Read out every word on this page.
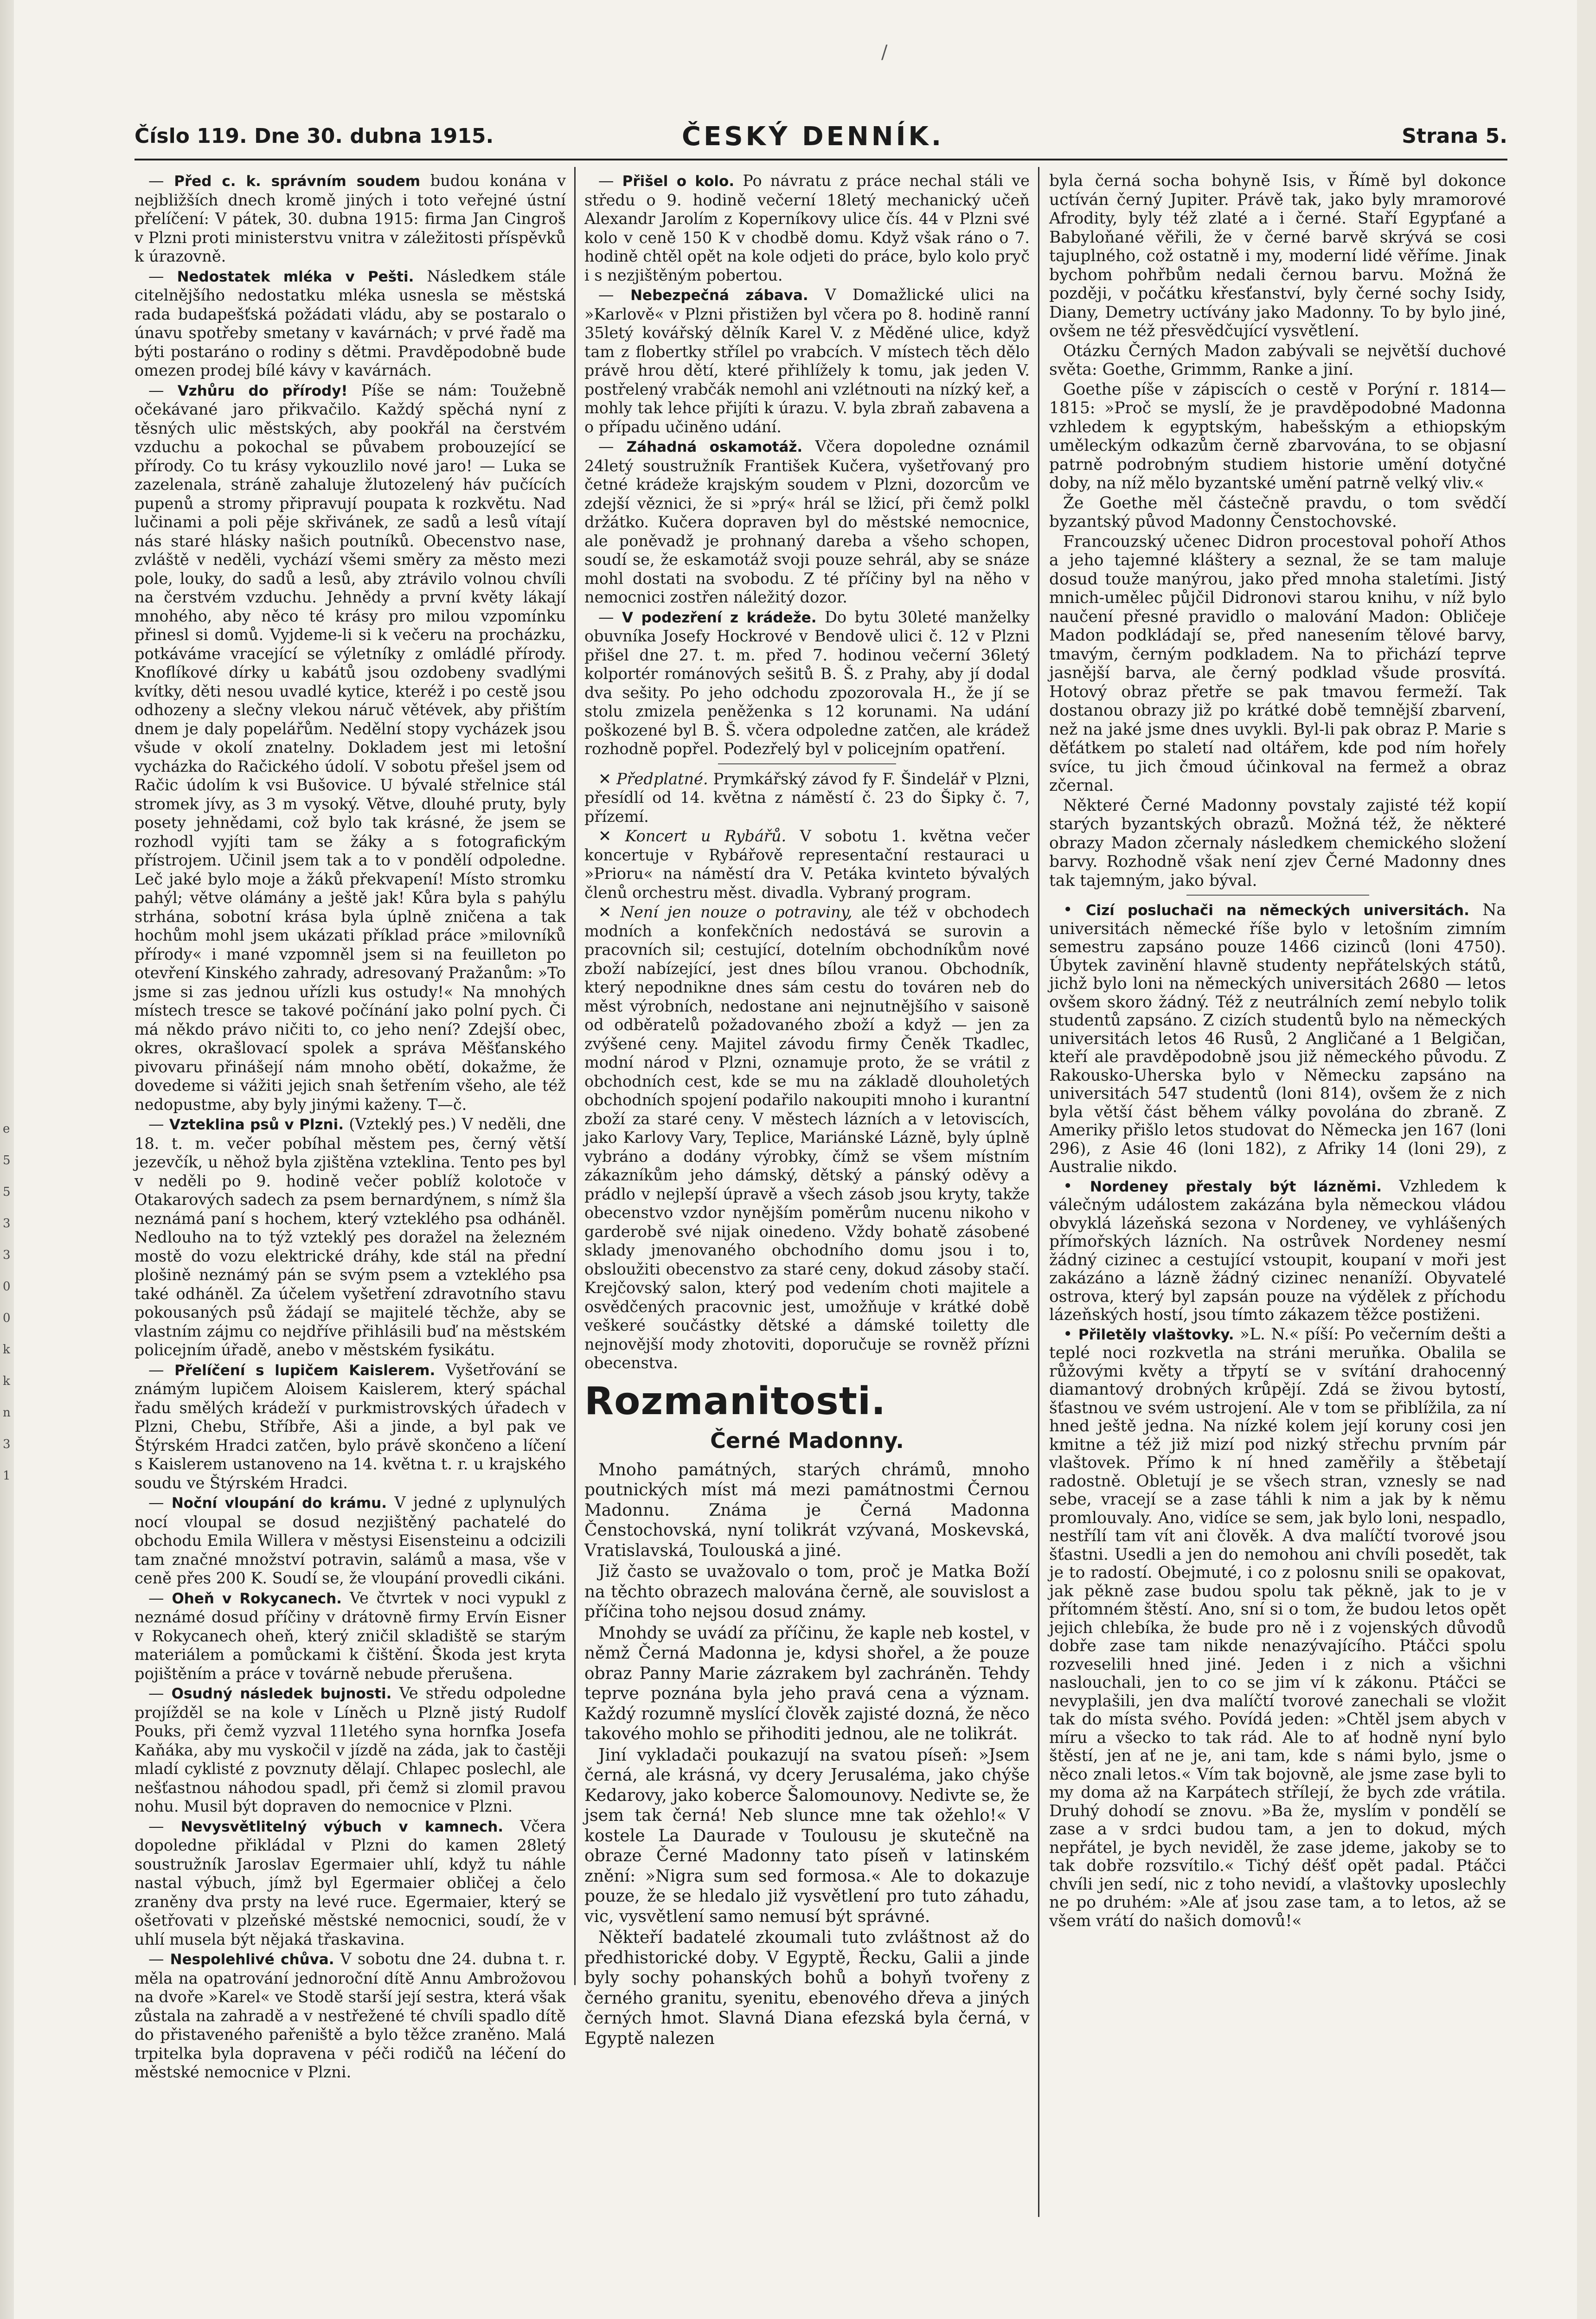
/
Číslo 119. Dne 30. dubna 1915.	ČESKÝ DENNÍK.	Strana 5.

— Před c. k. správním soudem budou konána v nejbližších dnech kromě jiných i toto veřejné ústní přelíčení: V pátek, 30. dubna 1915: firma Jan Cingroš v Plzni proti ministerstvu vnitra v záležitosti příspěvků k úrazovně.

— Nedostatek mléka v Pešti. Následkem stále citelnějšího nedostatku mléka usnesla se městská rada budapešťská požádati vládu, aby se postaralo o únavu spotřeby smetany v kavárnách; v prvé řadě ma býti postaráno o rodiny s dětmi. Pravděpodobně bude omezen prodej bílé kávy v kavárnách.

— Vzhůru do přírody! Píše se nám: Toužebně očekávané jaro přikvačilo. Každý spěchá nyní z těsných ulic městských, aby pookřál na čerstvém vzduchu a pokochal se půvabem probouzející se přírody. Co tu krásy vykouzlilo nové jaro! — Luka se zazelenala, stráně zahaluje žlutozelený háv pučících pupenů a stromy připravují poupata k rozkvětu. Nad lučinami a poli pěje skřivánek, ze sadů a lesů vítají nás staré hlásky našich poutníků. Obecenstvo nase, zvláště v neděli, vychází všemi směry za město mezi pole, louky, do sadů a lesů, aby ztrávilo volnou chvíli na čerstvém vzduchu. Jehnědy a první květy lákají mnohého, aby něco té krásy pro milou vzpomínku přinesl si domů. Vyjdeme-li si k večeru na procházku, potkáváme vracející se výletníky z omládlé přírody. Knoflíkové dírky u kabátů jsou ozdobeny svadlými kvítky, děti nesou uvadlé kytice, kteréž i po cestě jsou odhozeny a slečny vlekou náruč větévek, aby přištím dnem je daly popelářům. Nedělní stopy vycházek jsou všude v okolí znatelny. Dokladem jest mi letošní vycházka do Račického údolí. V sobotu přešel jsem od Račic údolím k vsi Bušovice. U bývalé střelnice stál stromek jívy, as 3 m vysoký. Větve, dlouhé pruty, byly posety jehnědami, což bylo tak krásné, že jsem se rozhodl vyjíti tam se žáky a s fotografickým přístrojem. Učinil jsem tak a to v pondělí odpoledne. Leč jaké bylo moje a žáků překvapení! Místo stromku pahýl; větve olámány a ještě jak! Kůra byla s pahýlu strhána, sobotní krása byla úplně zničena a tak hochům mohl jsem ukázati příklad práce »milovníků přírody« i mané vzpomněl jsem si na feuilleton po otevření Kinského zahrady, adresovaný Pražanům: »To jsme si zas jednou uřízli kus ostudy!« Na mnohých místech tresce se takové počínání jako polní pych. Či má někdo právo ničiti to, co jeho není? Zdejší obec, okres, okrašlovací spolek a správa Měšťanského pivovaru přinášejí nám mnoho obětí, dokažme, že dovedeme si vážiti jejich snah šetřením všeho, ale též nedopustme, aby byly jinými kaženy. T—č.

— Vzteklina psů v Plzni. (Vzteklý pes.) V neděli, dne 18. t. m. večer pobíhal městem pes, černý větší jezevčík, u něhož byla zjištěna vzteklina. Tento pes byl v neděli po 9. hodině večer poblíž kolotoče v Otakarových sadech za psem bernardýnem, s nímž šla neznámá paní s hochem, který vzteklého psa odháněl. Nedlouho na to týž vzteklý pes doražel na železném mostě do vozu elektrické dráhy, kde stál na přední plošině neznámý pán se svým psem a vzteklého psa také odháněl. Za účelem vyšetření zdravotního stavu pokousaných psů žádají se majitelé těchže, aby se vlastním zájmu co nejdříve přihlásili buď na městském policejním úřadě, anebo v městském fysikátu.

— Přelíčení s lupičem Kaislerem. Vyšetřování se známým lupičem Aloisem Kaislerem, který spáchal řadu smělých krádeží v purkmistrovských úřadech v Plzni, Chebu, Stříbře, Aši a jinde, a byl pak ve Štýrském Hradci zatčen, bylo právě skončeno a líčení s Kaislerem ustanoveno na 14. května t. r. u krajského soudu ve Štýrském Hradci.

— Noční vloupání do krámu. V jedné z uplynulých nocí vloupal se dosud nezjištěný pachatelé do obchodu Emila Willera v městysi Eisensteinu a odcizili tam značné množství potravin, salámů a masa, vše v ceně přes 200 K. Soudí se, že vloupání provedli cikáni.

— Oheň v Rokycanech. Ve čtvrtek v noci vypukl z neznámé dosud příčiny v drátovně firmy Ervín Eisner v Rokycanech oheň, který zničil skladiště se starým materiálem a pomůckami k čištění. Škoda jest kryta pojištěním a práce v továrně nebude přerušena.

— Osudný následek bujnosti. Ve středu odpoledne projížděl se na kole v Líněch u Plzně jistý Rudolf Pouks, při čemž vyzval 11letého syna hornfka Josefa Kaňáka, aby mu vyskočil v jízdě na záda, jak to častěji mladí cyklisté z povznuty dělají. Chlapec poslechl, ale nešťastnou náhodou spadl, při čemž si zlomil pravou nohu. Musil být dopraven do nemocnice v Plzni.

— Nevysvětlitelný výbuch v kamnech. Včera dopoledne přikládal v Plzni do kamen 28letý soustružník Jaroslav Egermaier uhlí, když tu náhle nastal výbuch, jímž byl Egermaier obličej a čelo zraněny dva prsty na levé ruce. Egermaier, který se ošetřovati v plzeňské městské nemocnici, soudí, že v uhlí musela být nějaká třaskavina.

— Nespolehlivé chůva. V sobotu dne 24. dubna t. r. měla na opatrování jednoroční dítě Annu Ambrožovou na dvoře »Karel« ve Stodě starší její sestra, která však zůstala na zahradě a v nestřežené té chvíli spadlo dítě do přistaveného pařeniště a bylo těžce zraněno. Malá trpitelka byla dopravena v péči rodičů na léčení do městské nemocnice v Plzni.

— Přišel o kolo. Po návratu z práce nechal stáli ve středu o 9. hodině večerní 18letý mechanický učeň Alexandr Jarolím z Koperníkovy ulice čís. 44 v Plzni své kolo v ceně 150 K v chodbě domu. Když však ráno o 7. hodině chtěl opět na kole odjeti do práce, bylo kolo pryč i s nezjištěným pobertou.

— Nebezpečná zábava. V Domažlické ulici na »Karlově« v Plzni přistižen byl včera po 8. hodině ranní 35letý kovářský dělník Karel V. z Měděné ulice, když tam z flobertky střílel po vrabcích. V místech těch dělo právě hrou dětí, které přihlížely k tomu, jak jeden V. postřelený vrabčák nemohl ani vzlétnouti na nízký keř, a mohly tak lehce přijíti k úrazu. V. byla zbraň zabavena a o případu učiněno udání.

— Záhadná oskamotáž. Včera dopoledne oznámil 24letý soustružník František Kučera, vyšetřovaný pro četné krádeže krajským soudem v Plzni, dozorcům ve zdejší věznici, že si »prý« hrál se lžicí, při čemž polkl držátko. Kučera dopraven byl do městské nemocnice, ale poněvadž je prohnaný dareba a všeho schopen, soudí se, že eskamotáž svoji pouze sehrál, aby se snáze mohl dostati na svobodu. Z té příčiny byl na něho v nemocnici zostřen náležitý dozor.

— V podezření z krádeže. Do bytu 30leté manželky obuvníka Josefy Hockrové v Bendově ulici č. 12 v Plzni přišel dne 27. t. m. před 7. hodinou večerní 36letý kolportér románových sešitů B. Š. z Prahy, aby jí dodal dva sešity. Po jeho odchodu zpozorovala H., že jí se stolu zmizela peněženka s 12 korunami. Na udání poškozené byl B. Š. včera odpoledne zatčen, ale krádež rozhodně popřel. Podezřelý byl v policejním opatření.

✕ Předplatné. Prymkářský závod fy F. Šindelář v Plzni, přesídlí od 14. května z náměstí č. 23 do Šipky č. 7, přízemí.

✕ Koncert u Rybářů. V sobotu 1. května večer koncertuje v Rybářově representační restauraci u »Prioru« na náměstí dra V. Petáka kvinteto bývalých členů orchestru měst. divadla. Vybraný program.

✕ Není jen nouze o potraviny, ale též v obchodech modních a konfekčních nedostává se surovin a pracovních sil; cestující, dotelním obchodníkům nové zboží nabízející, jest dnes bílou vranou. Obchodník, který nepodnikne dnes sám cestu do továren neb do měst výrobních, nedostane ani nejnutnějšího v saisoně od odběratelů požadovaného zboží a když — jen za zvýšené ceny. Majitel závodu firmy Čeněk Tkadlec, modní národ v Plzni, oznamuje proto, že se vrátil z obchodních cest, kde se mu na základě dlouholetých obchodních spojení podařilo nakoupiti mnoho i kurantní zboží za staré ceny. V městech lázních a v letoviscích, jako Karlovy Vary, Teplice, Mariánské Lázně, byly úplně vybráno a dodány výrobky, čímž se všem místním zákazníkům jeho dámský, dětský a pánský oděvy a prádlo v nejlepší úpravě a všech zásob jsou kryty, takže obecenstvo vzdor nynějším poměrům nucenu nikoho v garderobě své nijak oinedeno. Vždy bohatě zásobené sklady jmenovaného obchodního domu jsou i to, obsloužiti obecenstvo za staré ceny, dokud zásoby stačí. Krejčovský salon, který pod vedením choti majitele a osvědčených pracovnic jest, umožňuje v krátké době veškeré součástky dětské a dámské toiletty dle nejnovější mody zhotoviti, doporučuje se rovněž přízni obecenstva.

Rozmanitosti.
Černé Madonny.

Mnoho památných, starých chrámů, mnoho poutnických míst má mezi památnostmi Černou Madonnu. Známa je Černá Madonna Čenstochovská, nyní tolikrát vzývaná, Moskevská, Vratislavská, Toulouská a jiné.

Již často se uvažovalo o tom, proč je Matka Boží na těchto obrazech malována černě, ale souvislost a příčina toho nejsou dosud známy.

Mnohdy se uvádí za příčinu, že kaple neb kostel, v němž Černá Madonna je, kdysi shořel, a že pouze obraz Panny Marie zázrakem byl zachráněn. Tehdy teprve poznána byla jeho pravá cena a význam. Každý rozumně myslící člověk zajisté dozná, že něco takového mohlo se přihoditi jednou, ale ne tolikrát.

Jiní vykladači poukazují na svatou píseň: »Jsem černá, ale krásná, vy dcery Jerusaléma, jako chýše Kedarovy, jako koberce Šalomounovy. Nedivte se, že jsem tak černá! Neb slunce mne tak ožehlo!« V kostele La Daurade v Toulousu je skutečně na obraze Černé Madonny tato píseň v latinském znění: »Nigra sum sed formosa.« Ale to dokazuje pouze, že se hledalo již vysvětlení pro tuto záhadu, vic, vysvětlení samo nemusí být správné.

Někteří badatelé zkoumali tuto zvláštnost až do předhistorické doby. V Egyptě, Řecku, Galii a jinde byly sochy pohanských bohů a bohyň tvořeny z černého granitu, syenitu, ebenového dřeva a jiných černých hmot. Slavná Diana efezská byla černá, v Egyptě nalezen

byla černá socha bohyně Isis, v Římě byl dokonce uctíván černý Jupiter. Právě tak, jako byly mramorové Afrodity, byly též zlaté a i černé. Staří Egypťané a Babyloňané věřili, že v černé barvě skrývá se cosi tajuplného, což ostatně i my, moderní lidé věříme. Jinak bychom pohřbům nedali černou barvu. Možná že později, v počátku křesťanství, byly černé sochy Isidy, Diany, Demetry uctívány jako Madonny. To by bylo jiné, ovšem ne též přesvědčující vysvětlení.

Otázku Černých Madon zabývali se největší duchové světa: Goethe, Grimmm, Ranke a jiní.

Goethe píše v zápiscích o cestě v Porýní r. 1814—1815: »Proč se myslí, že je pravděpodobné Madonna vzhledem k egyptským, habešským a ethiopským uměleckým odkazům černě zbarvována, to se objasní patrně podrobným studiem historie umění dotyčné doby, na níž mělo byzantské umění patrně velký vliv.«

Že Goethe měl částečně pravdu, o tom svědčí byzantský původ Madonny Čenstochovské.

Francouzský učenec Didron procestoval pohoří Athos a jeho tajemné kláštery a seznal, že se tam maluje dosud touže manýrou, jako před mnoha staletími. Jistý mnich-umělec půjčil Didronovi starou knihu, v níž bylo naučení přesné pravidlo o malování Madon: Obličeje Madon podkládají se, před nanesením tělové barvy, tmavým, černým podkladem. Na to přichází teprve jasnější barva, ale černý podklad všude prosvítá. Hotový obraz přetře se pak tmavou fermeží. Tak dostanou obrazy již po krátké době temnější zbarvení, než na jaké jsme dnes uvykli. Byl-li pak obraz P. Marie s děťátkem po staletí nad oltářem, kde pod ním hořely svíce, tu jich čmoud účinkoval na fermež a obraz zčernal.

Některé Černé Madonny povstaly zajisté též kopií starých byzantských obrazů. Možná též, že některé obrazy Madon zčernaly následkem chemického složení barvy. Rozhodně však není zjev Černé Madonny dnes tak tajemným, jako býval.

• Cizí posluchači na německých universitách. Na universitách německé říše bylo v letošním zimním semestru zapsáno pouze 1466 cizinců (loni 4750). Úbytek zavinění hlavně studenty nepřátelských států, jichž bylo loni na německých universitách 2680 — letos ovšem skoro žádný. Též z neutrálních zemí nebylo tolik studentů zapsáno. Z cizích studentů bylo na německých universitách letos 46 Rusů, 2 Angličané a 1 Belgičan, kteří ale pravděpodobně jsou již německého původu. Z Rakousko-Uherska bylo v Německu zapsáno na universitách 547 studentů (loni 814), ovšem že z nich byla větší část během války povolána do zbraně. Z Ameriky přišlo letos studovat do Německa jen 167 (loni 296), z Asie 46 (loni 182), z Afriky 14 (loni 29), z Australie nikdo.

• Nordeney přestaly být lázněmi. Vzhledem k válečným událostem zakázána byla německou vládou obvyklá lázeňská sezona v Nordeney, ve vyhlášených přímořských lázních. Na ostrůvek Nordeney nesmí žádný cizinec a cestující vstoupit, koupaní v moři jest zakázáno a lázně žádný cizinec nenaníží. Obyvatelé ostrova, který byl zapsán pouze na výdělek z příchodu lázeňských hostí, jsou tímto zákazem těžce postiženi.

• Přiletěly vlaštovky. »L. N.« píší: Po večerním dešti a teplé noci rozkvetla na stráni meruňka. Obalila se růžovými květy a třpytí se v svítání drahocenný diamantový drobných krůpějí. Zdá se živou bytostí, šťastnou ve svém ustrojení. Ale v tom se přiblížila, za ní hned ještě jedna. Na nízké kolem její koruny cosi jen kmitne a též již mizí pod nizký střechu prvním pár vlaštovek. Přímo k ní hned zaměřily a štěbetají radostně. Obletují je se všech stran, vznesly se nad sebe, vracejí se a zase táhli k nim a jak by k němu promlouvaly. Ano, vidíce se sem, jak bylo loni, nespadlo, nestřílí tam vít ani člověk. A dva malíčtí tvorové jsou šťastni. Usedli a jen do nemohou ani chvíli posedět, tak je to radostí. Obejmuté, i co z polosnu snili se opakovat, jak pěkně zase budou spolu tak pěkně, jak to je v přítomném štěstí. Ano, sní si o tom, že budou letos opět jejich chlebíka, že bude pro ně i z vojenských důvodů dobře zase tam nikde nenazývajícího. Ptáčci spolu rozveselili hned jiné. Jeden i z nich a všichni naslouchali, jen to co se jim ví k zákonu. Ptáčci se nevyplašili, jen dva malíčtí tvorové zanechali se vložit tak do místa svého. Povídá jeden: »Chtěl jsem abych v míru a všecko to tak rád. Ale to ať hodně nyní bylo štěstí, jen ať ne je, ani tam, kde s námi bylo, jsme o něco znali letos.« Vím tak bojovně, ale jsme zase byli to my doma až na Karpátech střílejí, že bych zde vrátila. Druhý dohodí se znovu. »Ba že, myslím v pondělí se zase a v srdci budou tam, a jen to dokud, mých nepřátel, je bych neviděl, že zase jdeme, jakoby se to tak dobře rozsvítilo.« Tichý déšť opět padal. Ptáčci chvíli jen sedí, nic z toho nevidí, a vlaštovky uposlechly ne po druhém: »Ale ať jsou zase tam, a to letos, až se všem vrátí do našich domovů!«

e
5
5
3
3
0
0
k
k
n
3
1
